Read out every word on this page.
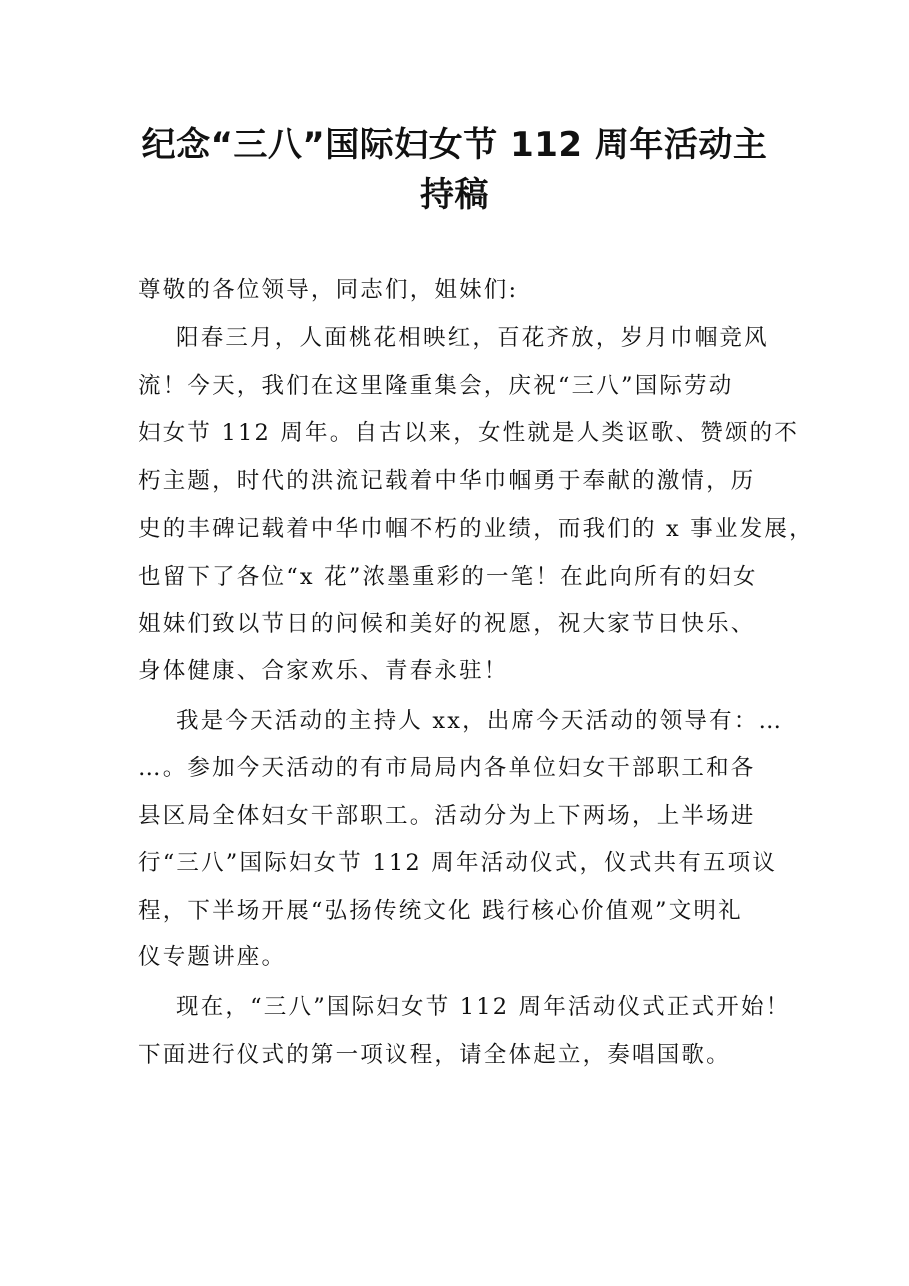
纪念“三八”国际妇女节 112 周年活动主
持稿
尊敬的各位领导，同志们，姐妹们:
阳春三月，人面桃花相映红，百花齐放，岁月巾帼竞风
流！今天，我们在这里隆重集会，庆祝“三八”国际劳动
妇女节 112 周年。自古以来，女性就是人类讴歌、赞颂的不
朽主题，时代的洪流记载着中华巾帼勇于奉献的激情，历
史的丰碑记载着中华巾帼不朽的业绩，而我们的 x 事业发展，
也留下了各位“x 花”浓墨重彩的一笔！在此向所有的妇女
姐妹们致以节日的问候和美好的祝愿，祝大家节日快乐、
身体健康、合家欢乐、青春永驻！
我是今天活动的主持人 xx，出席今天活动的领导有：…
…。参加今天活动的有市局局内各单位妇女干部职工和各
县区局全体妇女干部职工。活动分为上下两场，上半场进
行“三八”国际妇女节 112 周年活动仪式，仪式共有五项议
程，下半场开展“弘扬传统文化 践行核心价值观”文明礼
仪专题讲座。
现在，“三八”国际妇女节 112 周年活动仪式正式开始！
下面进行仪式的第一项议程，请全体起立，奏唱国歌。
